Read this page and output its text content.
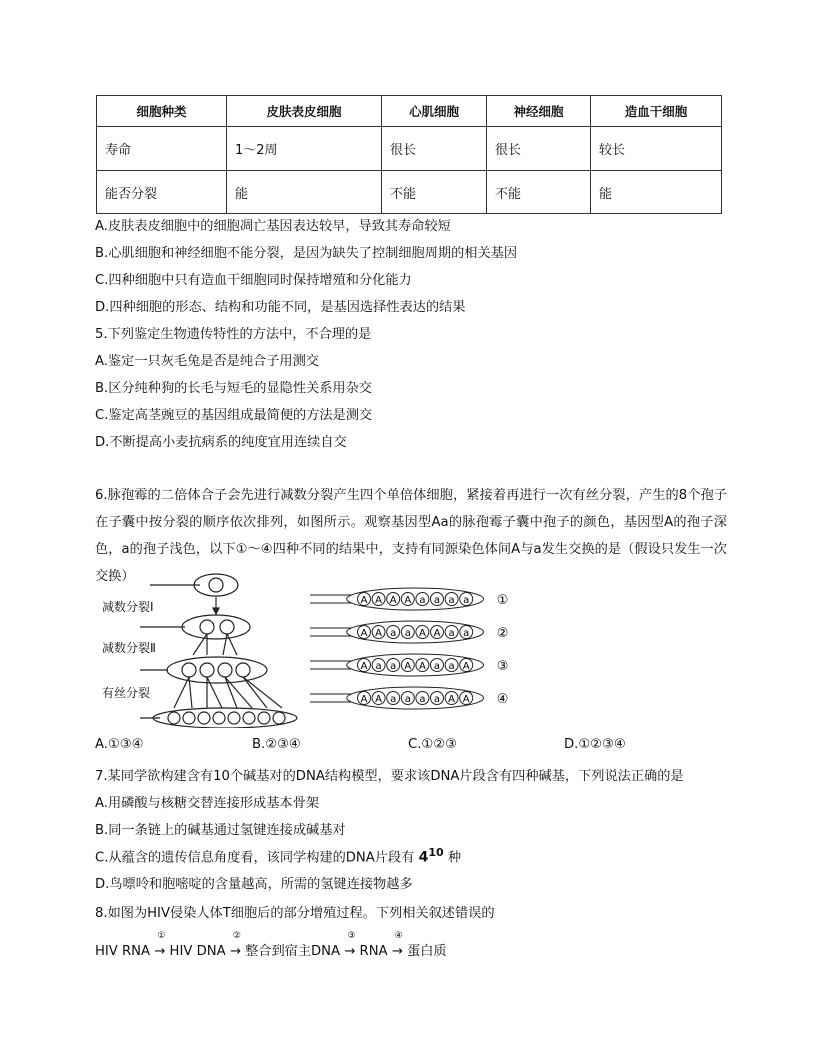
细胞种类	皮肤表皮细胞	心肌细胞	神经细胞	造血干细胞
寿命	1～2周	很长	很长	较长
能否分裂	能	不能	不能	能
A.皮肤表皮细胞中的细胞凋亡基因表达较早，导致其寿命较短
B.心肌细胞和神经细胞不能分裂，是因为缺失了控制细胞周期的相关基因
C.四种细胞中只有造血干细胞同时保持增殖和分化能力
D.四种细胞的形态、结构和功能不同，是基因选择性表达的结果
5.下列鉴定生物遗传特性的方法中，不合理的是
A.鉴定一只灰毛兔是否是纯合子用测交
B.区分纯种狗的长毛与短毛的显隐性关系用杂交
C.鉴定高茎豌豆的基因组成最简便的方法是测交
D.不断提高小麦抗病系的纯度宜用连续自交
6.脉孢霉的二倍体合子会先进行减数分裂产生四个单倍体细胞，紧接着再进行一次有丝分裂，产生的8个孢子在子囊中按分裂的顺序依次排列，如图所示。观察基因型Aa的脉孢霉子囊中孢子的颜色，基因型A的孢子深色，a的孢子浅色，以下①～④四种不同的结果中，支持有同源染色体间A与a发生交换的是（假设只发生一次交换）
减数分裂Ⅰ
减数分裂Ⅱ
有丝分裂
A A A A a a a a ①
A A a a A A a a ②
A a a A A a a A ③
A A a a a a A A ④
A.①③④	B.②③④	C.①②③	D.①②③④
7.某同学欲构建含有10个碱基对的DNA结构模型，要求该DNA片段含有四种碱基，下列说法正确的是
A.用磷酸与核糖交替连接形成基本骨架
B.同一条链上的碱基通过氢键连接成碱基对
C.从蕴含的遗传信息角度看，该同学构建的DNA片段有 $4^{10}$ 种
D.鸟嘌呤和胞嘧啶的含量越高，所需的氢键连接物越多
8.如图为HIV侵染人体T细胞后的部分增殖过程。下列相关叙述错误的
HIV RNA
①
→ HIV DNA
②
→ 整合到宿主DNA
③
→ RNA
④
→ 蛋白质
